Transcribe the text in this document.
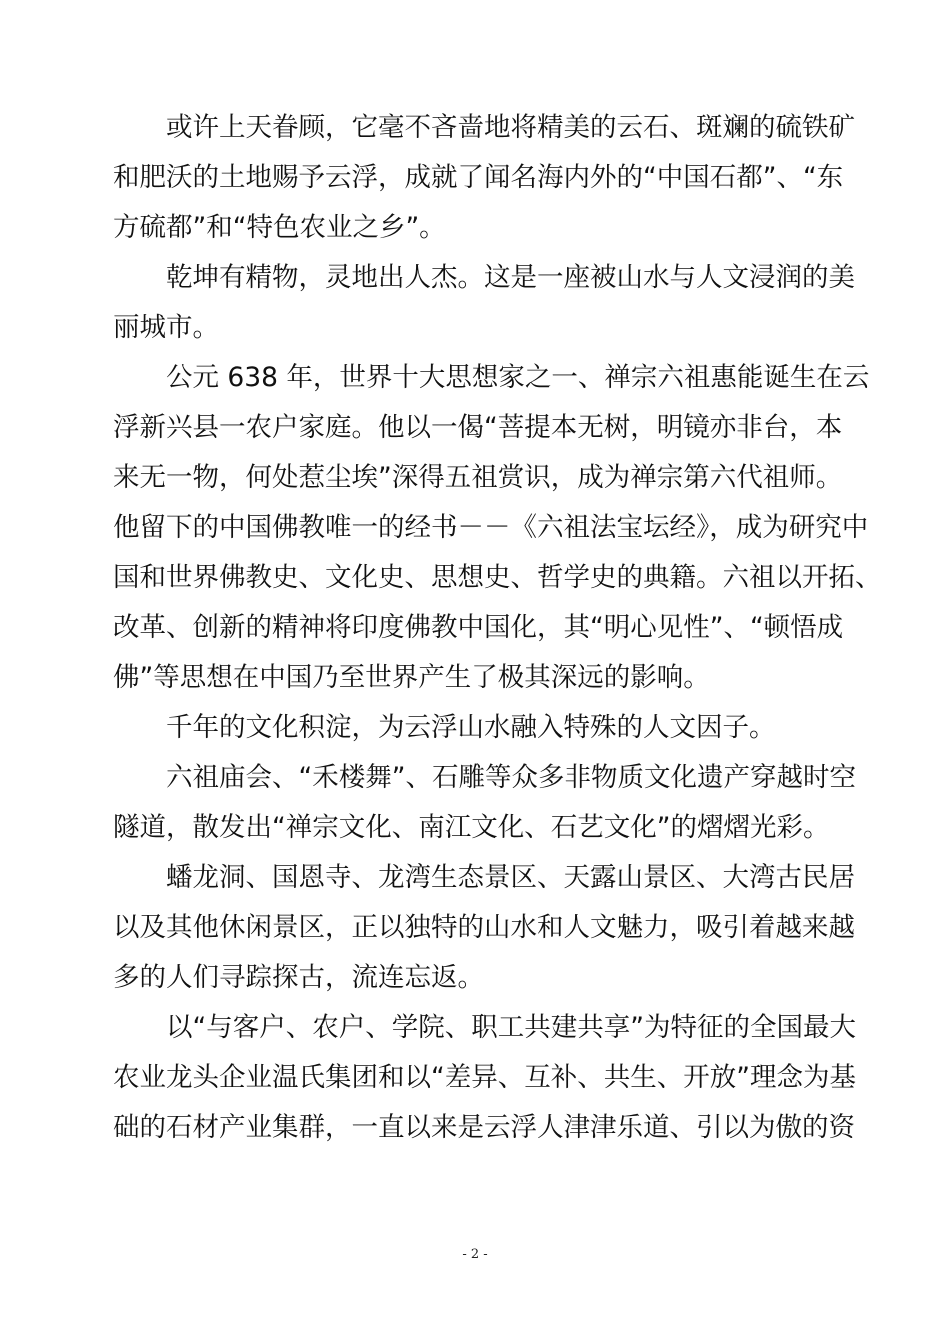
　　或许上天眷顾，它毫不吝啬地将精美的云石、斑斓的硫铁矿
和肥沃的土地赐予云浮，成就了闻名海内外的“中国石都”、“东
方硫都”和“特色农业之乡”。
　　乾坤有精物，灵地出人杰。这是一座被山水与人文浸润的美
丽城市。
　　公元 638 年，世界十大思想家之一、禅宗六祖惠能诞生在云
浮新兴县一农户家庭。他以一偈“菩提本无树，明镜亦非台，本
来无一物，何处惹尘埃”深得五祖赏识，成为禅宗第六代祖师。
他留下的中国佛教唯一的经书－－《六祖法宝坛经》，成为研究中
国和世界佛教史、文化史、思想史、哲学史的典籍。六祖以开拓、
改革、创新的精神将印度佛教中国化，其“明心见性”、“顿悟成
佛”等思想在中国乃至世界产生了极其深远的影响。
　　千年的文化积淀，为云浮山水融入特殊的人文因子。
　　六祖庙会、“禾楼舞”、石雕等众多非物质文化遗产穿越时空
隧道，散发出“禅宗文化、南江文化、石艺文化”的熠熠光彩。
　　蟠龙洞、国恩寺、龙湾生态景区、天露山景区、大湾古民居
以及其他休闲景区，正以独特的山水和人文魅力，吸引着越来越
多的人们寻踪探古，流连忘返。
　　以“与客户、农户、学院、职工共建共享”为特征的全国最大
农业龙头企业温氏集团和以“差异、互补、共生、开放”理念为基
础的石材产业集群，一直以来是云浮人津津乐道、引以为傲的资
- 2 -
